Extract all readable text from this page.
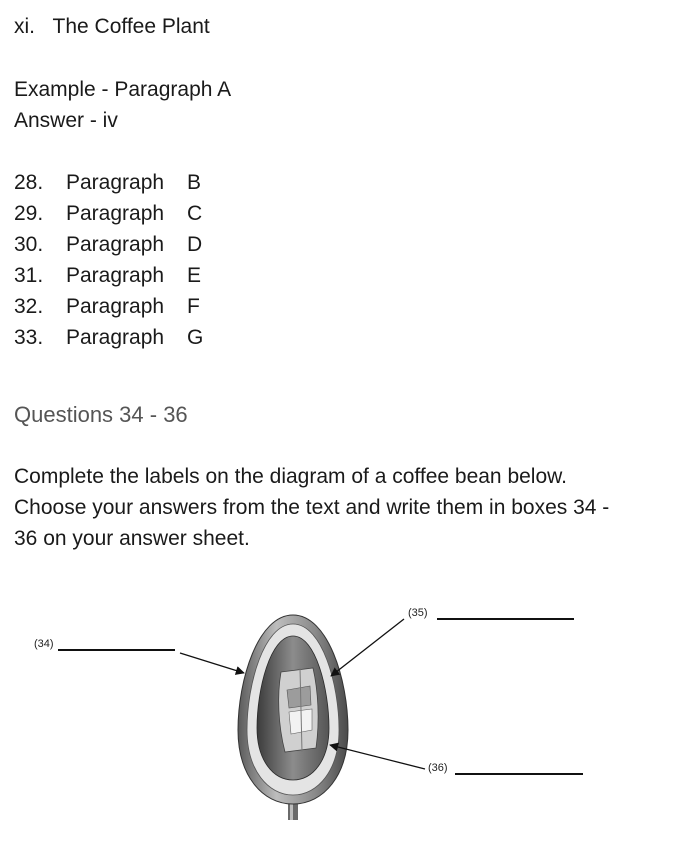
xi. The Coffee Plant
Example - Paragraph A
Answer - iv
28. Paragraph B
29. Paragraph C
30. Paragraph D
31. Paragraph E
32. Paragraph F
33. Paragraph G
Questions 34 - 36
Complete the labels on the diagram of a coffee bean below.
Choose your answers from the text and write them in boxes 34 -
36 on your answer sheet.
(34)
(35)
(36)
